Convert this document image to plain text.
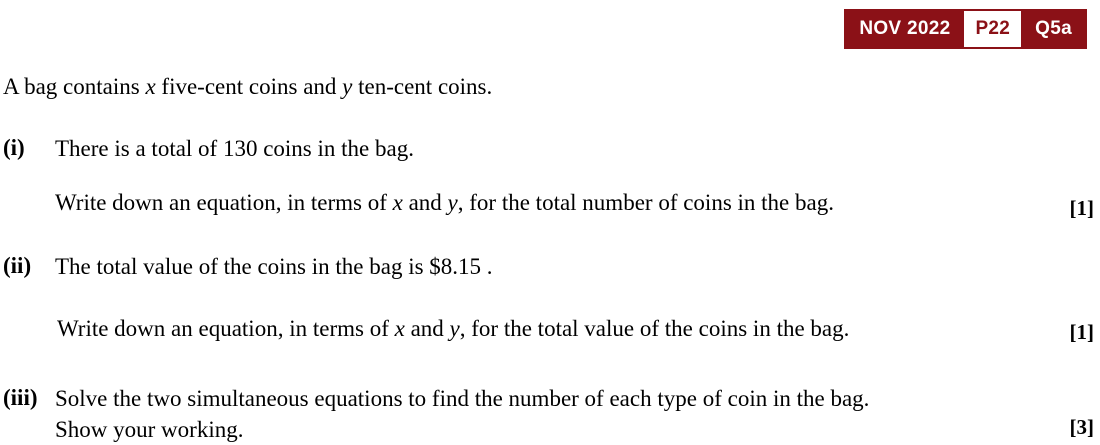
NOV 2022	P22	Q5a
A bag contains x five-cent coins and y ten-cent coins.
(i)	There is a total of 130 coins in the bag.
Write down an equation, in terms of x and y, for the total number of coins in the bag.	[1]
(ii)	The total value of the coins in the bag is $8.15 .
Write down an equation, in terms of x and y, for the total value of the coins in the bag.	[1]
(iii) Solve the two simultaneous equations to find the number of each type of coin in the bag.
Show your working.	[3]
